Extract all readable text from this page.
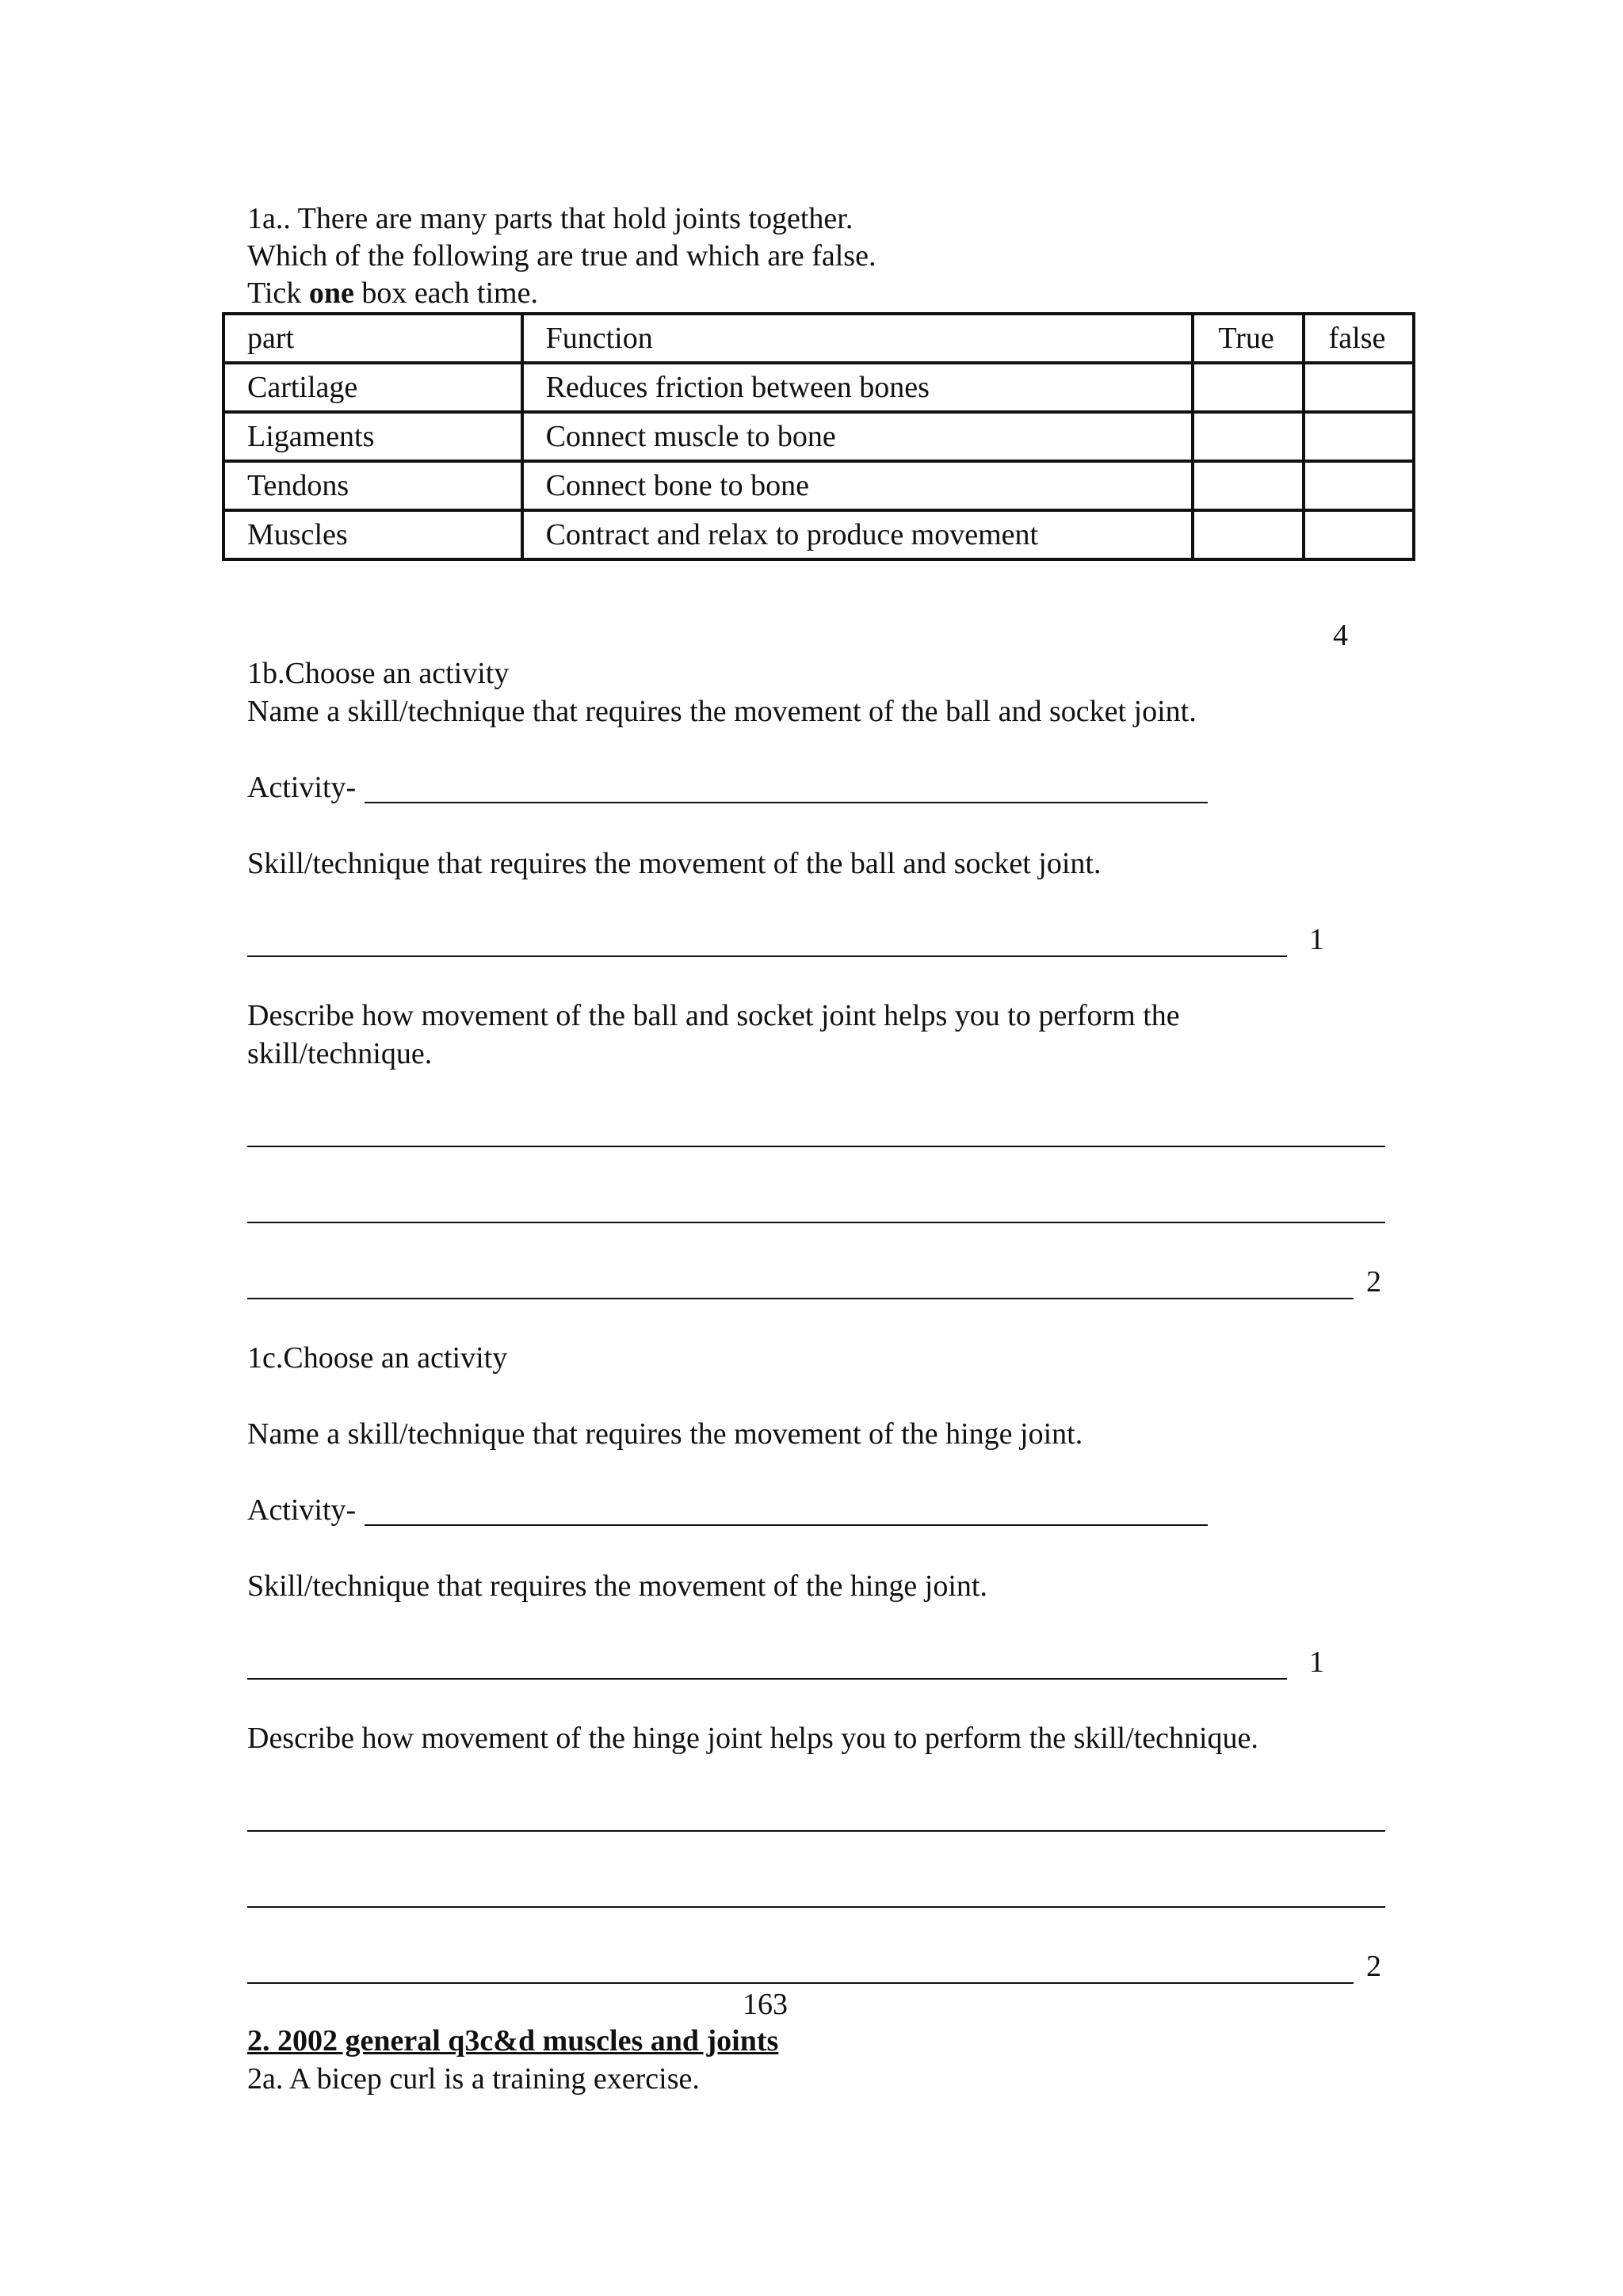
1a.. There are many parts that hold joints together.
Which of the following are true and which are false.
Tick one box each time.
part	Function	True	false
Cartilage	Reduces friction between bones		
Ligaments	Connect muscle to bone		
Tendons	Connect bone to bone		
Muscles	Contract and relax to produce movement		
4
1b.Choose an activity
Name a skill/technique that requires the movement of the ball and socket joint.
Activity-
Skill/technique that requires the movement of the ball and socket joint.
1
Describe how movement of the ball and socket joint helps you to perform the
skill/technique.
2
1c.Choose an activity
Name a skill/technique that requires the movement of the hinge joint.
Activity-
Skill/technique that requires the movement of the hinge joint.
1
Describe how movement of the hinge joint helps you to perform the skill/technique.
2
163
2. 2002 general q3c&d muscles and joints
2a. A bicep curl is a training exercise.
